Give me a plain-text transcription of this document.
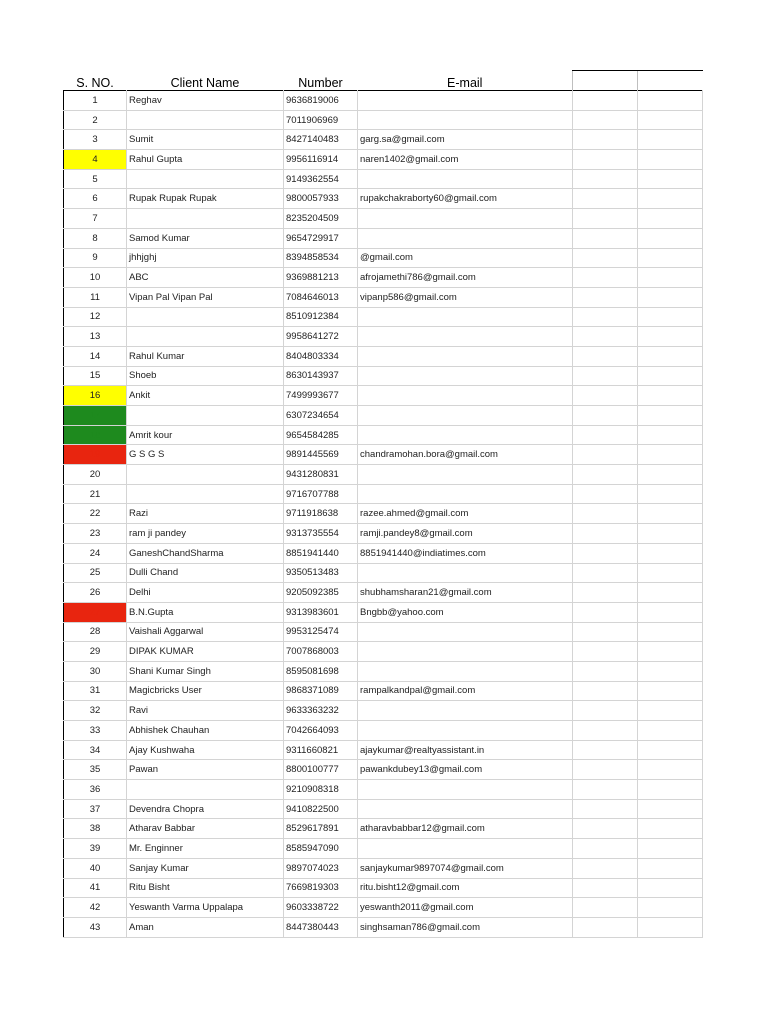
S. NO.	Client Name	Number	E-mail		
1	Reghav	9636819006			
2		7011906969			
3	Sumit	8427140483	garg.sa@gmail.com		
4	Rahul Gupta	9956116914	naren1402@gmail.com		
5		9149362554			
6	Rupak Rupak Rupak	9800057933	rupakchakraborty60@gmail.com		
7		8235204509			
8	Samod Kumar	9654729917			
9	jhhjghj	8394858534	@gmail.com		
10	ABC	9369881213	afrojamethi786@gmail.com		
11	Vipan Pal Vipan Pal	7084646013	vipanp586@gmail.com		
12		8510912384			
13		9958641272			
14	Rahul Kumar	8404803334			
15	Shoeb	8630143937			
16	Ankit	7499993677			
17		6307234654			
18	Amrit kour	9654584285			
19	G S G S	9891445569	chandramohan.bora@gmail.com		
20		9431280831			
21		9716707788			
22	Razi	9711918638	razee.ahmed@gmail.com		
23	ram ji pandey	9313735554	ramji.pandey8@gmail.com		
24	GaneshChandSharma	8851941440	8851941440@indiatimes.com		
25	Dulli Chand	9350513483			
26	Delhi	9205092385	shubhamsharan21@gmail.com		
27	B.N.Gupta	9313983601	Bngbb@yahoo.com		
28	Vaishali Aggarwal	9953125474			
29	DIPAK KUMAR	7007868003			
30	Shani Kumar Singh	8595081698			
31	Magicbricks User	9868371089	rampalkandpal@gmail.com		
32	Ravi	9633363232			
33	Abhishek Chauhan	7042664093			
34	Ajay Kushwaha	9311660821	ajaykumar@realtyassistant.in		
35	Pawan	8800100777	pawankdubey13@gmail.com		
36		9210908318			
37	Devendra Chopra	9410822500			
38	Atharav Babbar	8529617891	atharavbabbar12@gmail.com		
39	Mr. Enginner	8585947090			
40	Sanjay Kumar	9897074023	sanjaykumar9897074@gmail.com		
41	Ritu Bisht	7669819303	ritu.bisht12@gmail.com		
42	Yeswanth Varma Uppalapa	9603338722	yeswanth2011@gmail.com		
43	Aman	8447380443	singhsaman786@gmail.com		
